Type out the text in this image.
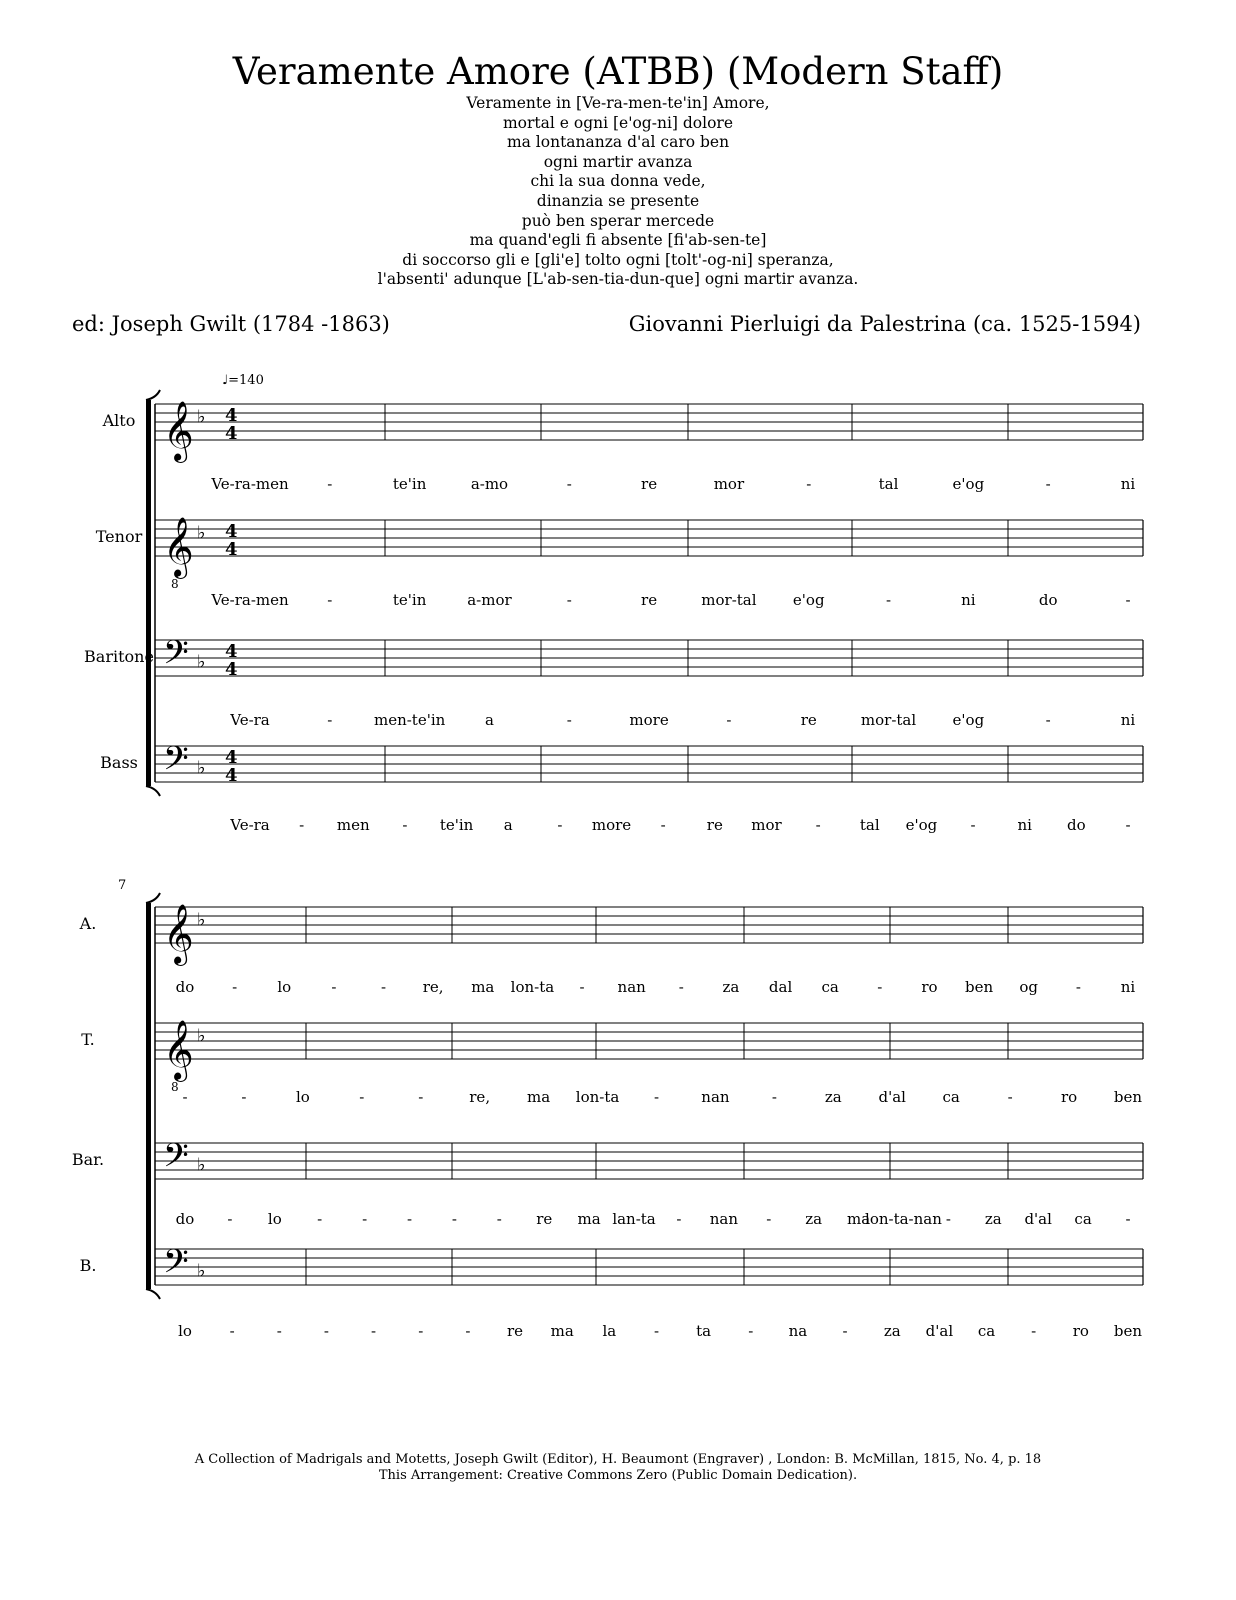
Veramente Amore (ATBB) (Modern Staff)
Veramente in [Ve-ra-men-te'in] Amore,
mortal e ogni [e'og-ni] dolore
ma lontananza d'al caro ben
ogni martir avanza
chi la sua donna vede,
dinanzia se presente
può ben sperar mercede
ma quand'egli fi absente [fi'ab-sen-te]
di soccorso gli e [gli'e] tolto ogni [tolt'-og-ni] speranza,
l'absenti' adunque [L'ab-sen-tia-dun-que] ogni martir avanza.
ed: Joseph Gwilt (1784 -1863)	Giovanni Pierluigi da Palestrina (ca. 1525-1594)
Alto 𝄞 ♭ 4
4
Ve-ra-men	-	te'in	a-mo	-	re	mor	-	tal	e'og	-	ni
Tenor 𝄞
8
♭ 4
4
Ve-ra-men	-	te'in	a-mor	-	re	mor-tal e'og	-	ni	do	-
Baritone 𝄢 ♭ 4
4
Ve-ra	-	men-te'in	a	-	more	-	re	mor-tal e'og	-	ni
Bass 𝄢 ♭ 4
4
Ve-ra - men - te'in a	- more -	re mor -	tal e'og -	ni do	-
7
A. 𝄞 ♭
do	-	lo	-	- re, ma lon-ta - nan -	za dal ca	-	ro ben og	-	ni
T. 𝄞
8
♭
-	-	lo	-	-	re, ma lon-ta -	nan	-	za d'al ca	-	ro ben
Bar. 𝄢 ♭
do - lo -	-	-	-	- re ma lan-ta - nan - za ma
lon-ta-nan - za d'al ca -
B. 𝄢 ♭
lo	-	-	-	-	-	- re ma la	- ta - na - za d'al ca - ro ben
♩=140
A Collection of Madrigals and Motetts, Joseph Gwilt (Editor), H. Beaumont (Engraver) , London: B. McMillan, 1815, No. 4, p. 18
This Arrangement: Creative Commons Zero (Public Domain Dedication).
